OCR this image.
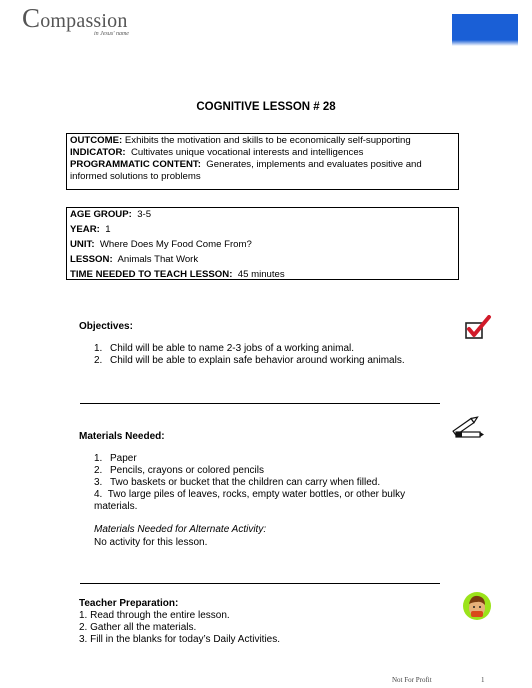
Compassion
in Jesus' name
COGNITIVE LESSON # 28
OUTCOME: Exhibits the motivation and skills to be economically self-supporting
INDICATOR: Cultivates unique vocational interests and intelligences
PROGRAMMATIC CONTENT: Generates, implements and evaluates positive and informed solutions to problems
AGE GROUP: 3-5
YEAR: 1
UNIT: Where Does My Food Come From?
LESSON: Animals That Work
TIME NEEDED TO TEACH LESSON: 45 minutes
Objectives:
1. Child will be able to name 2-3 jobs of a working animal.
2. Child will be able to explain safe behavior around working animals.
Materials Needed:
1. Paper
2. Pencils, crayons or colored pencils
3. Two baskets or bucket that the children can carry when filled.
4. Two large piles of leaves, rocks, empty water bottles, or other bulky materials.
Materials Needed for Alternate Activity:
No activity for this lesson.
Teacher Preparation:
1. Read through the entire lesson.
2. Gather all the materials.
3. Fill in the blanks for today’s Daily Activities.
Not For Profit	1
